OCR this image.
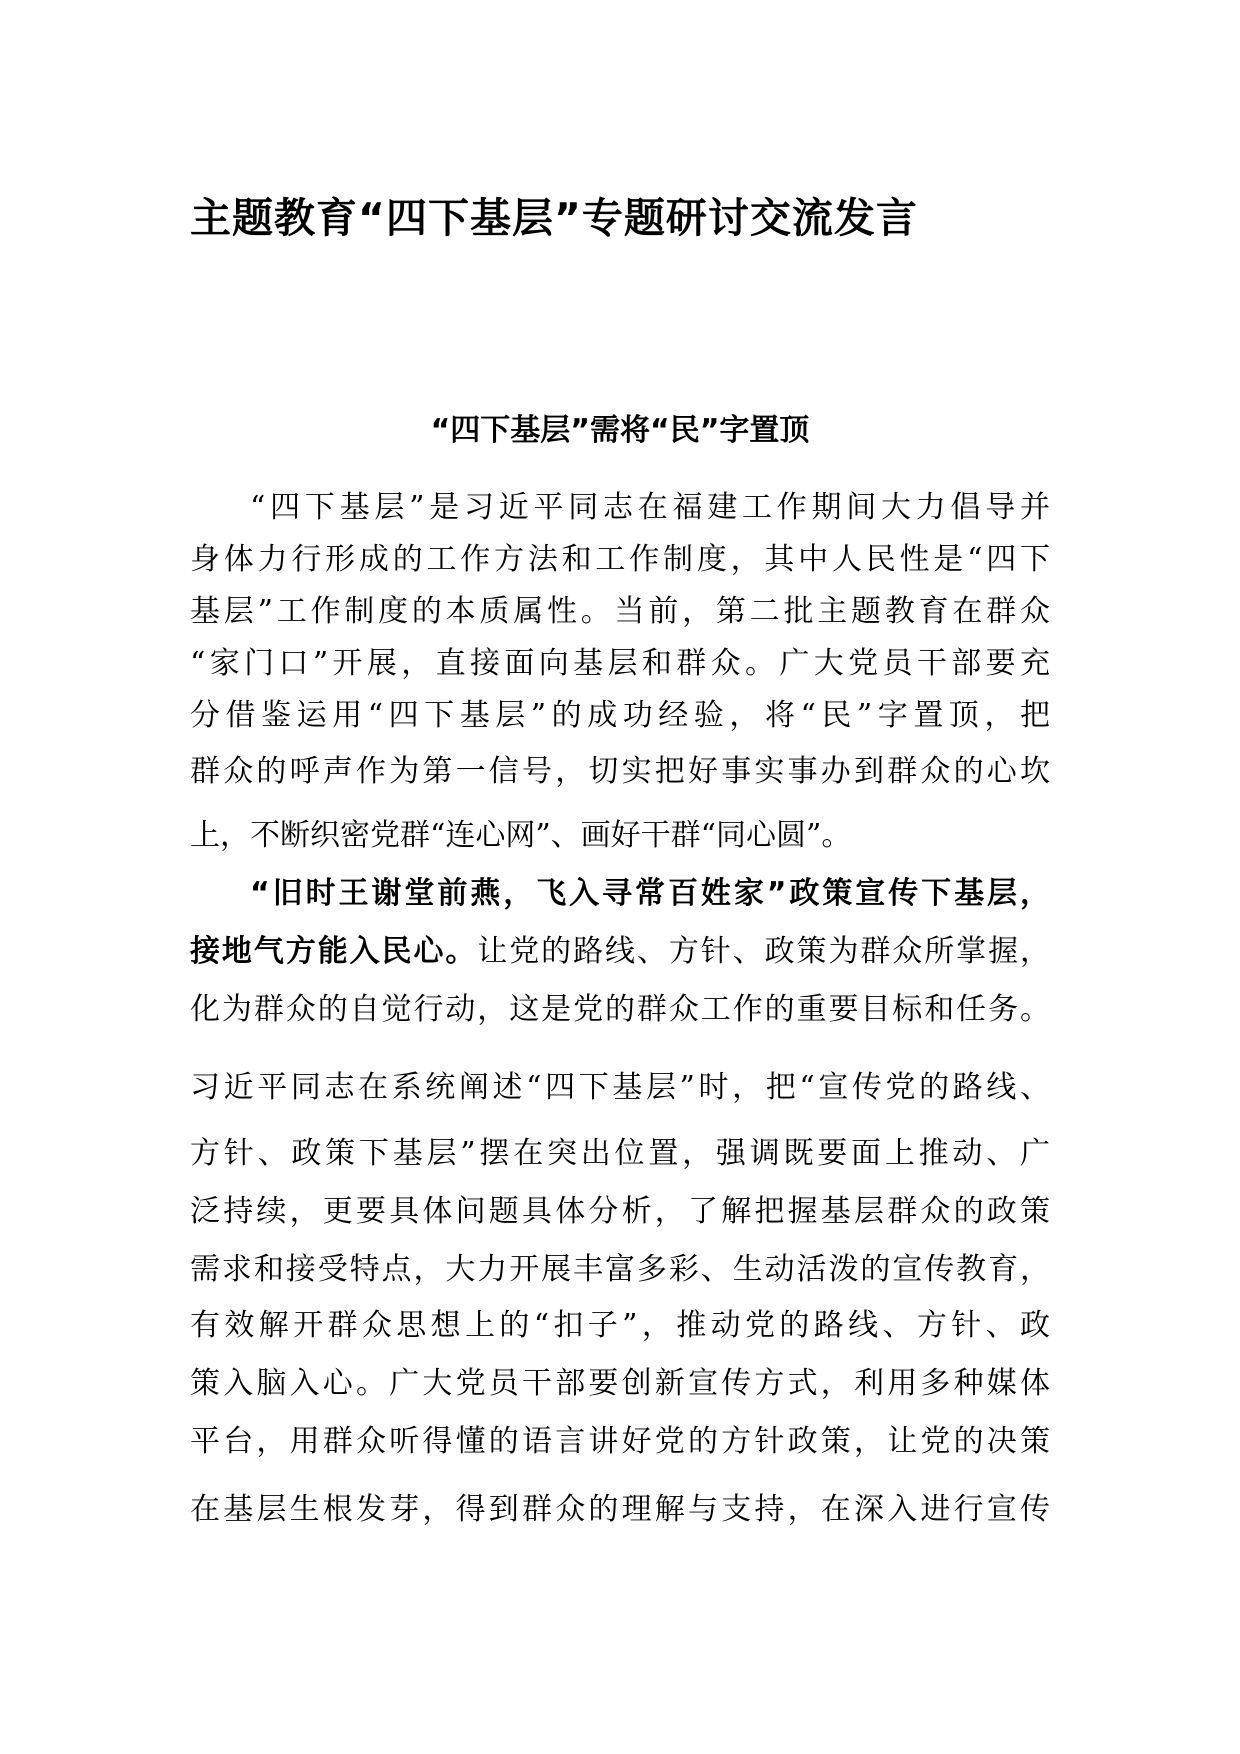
主题教育“四下基层”专题研讨交流发言
“四下基层”需将“民”字置顶

“四下基层”是习近平同志在福建工作期间大力倡导并

身体力行形成的工作方法和工作制度，其中人民性是“四下

基层”工作制度的本质属性。当前，第二批主题教育在群众

“家门口”开展，直接面向基层和群众。广大党员干部要充

分借鉴运用“四下基层”的成功经验，将“民”字置顶，把

群众的呼声作为第一信号，切实把好事实事办到群众的心坎

上，不断织密党群“连心网”、画好干群“同心圆”。

“旧时王谢堂前燕，飞入寻常百姓家”政策宣传下基层，

接地气方能入民心。让党的路线、方针、政策为群众所掌握，

化为群众的自觉行动，这是党的群众工作的重要目标和任务。

习近平同志在系统阐述“四下基层”时，把“宣传党的路线、

方针、政策下基层”摆在突出位置，强调既要面上推动、广

泛持续，更要具体问题具体分析，了解把握基层群众的政策

需求和接受特点，大力开展丰富多彩、生动活泼的宣传教育，

有效解开群众思想上的“扣子”，推动党的路线、方针、政

策入脑入心。广大党员干部要创新宣传方式，利用多种媒体

平台，用群众听得懂的语言讲好党的方针政策，让党的决策

在基层生根发芽，得到群众的理解与支持，在深入进行宣传
